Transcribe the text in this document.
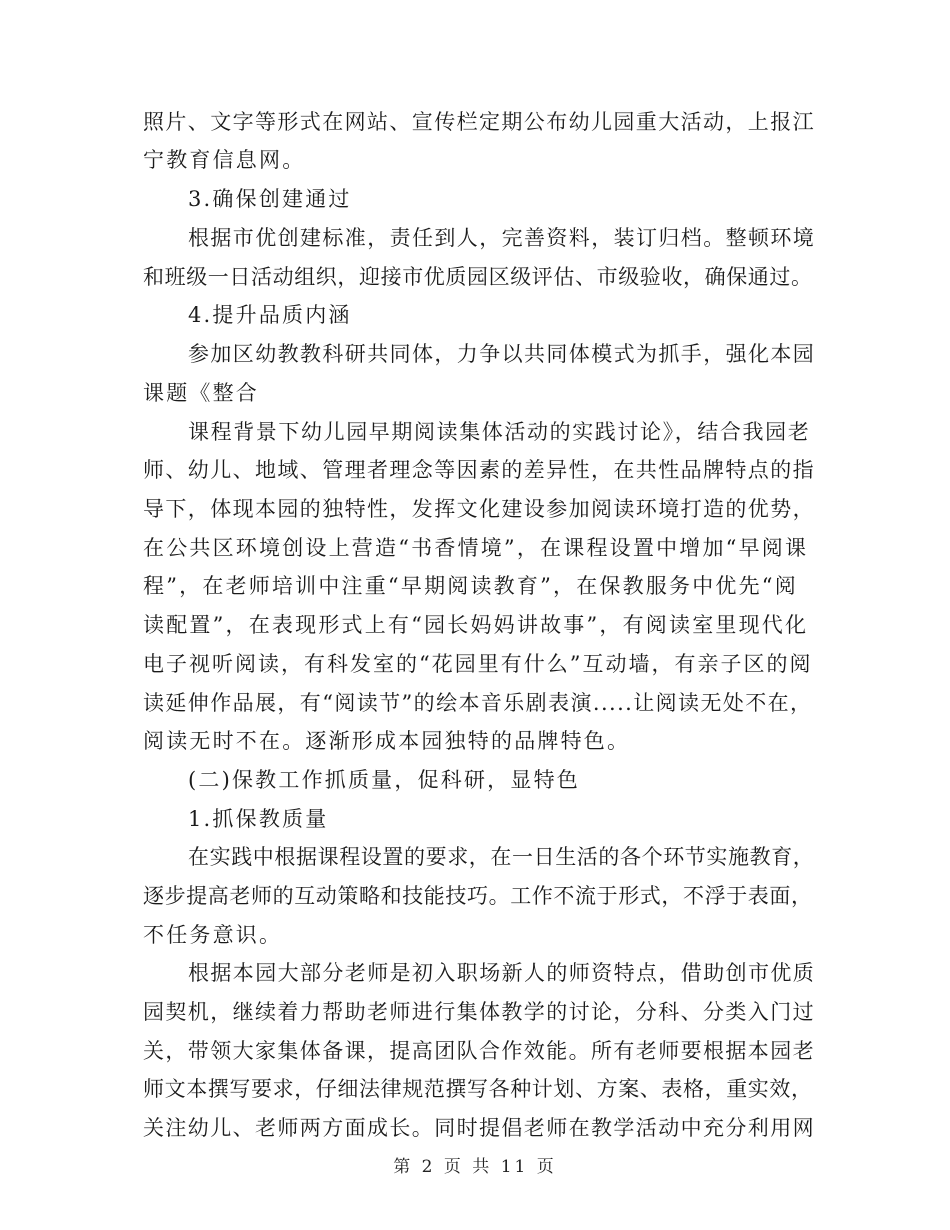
照片、文字等形式在网站、宣传栏定期公布幼儿园重大活动，上报江
宁教育信息网。
3.确保创建通过
根据市优创建标准，责任到人，完善资料，装订归档。整顿环境
和班级一日活动组织，迎接市优质园区级评估、市级验收，确保通过。
4.提升品质内涵
参加区幼教教科研共同体，力争以共同体模式为抓手，强化本园
课题《整合
课程背景下幼儿园早期阅读集体活动的实践讨论》，结合我园老
师、幼儿、地域、管理者理念等因素的差异性，在共性品牌特点的指
导下，体现本园的独特性，发挥文化建设参加阅读环境打造的优势，
在公共区环境创设上营造“书香情境”，在课程设置中增加“早阅课
程”，在老师培训中注重“早期阅读教育”，在保教服务中优先“阅
读配置”，在表现形式上有“园长妈妈讲故事”，有阅读室里现代化
电子视听阅读，有科发室的“花园里有什么”互动墙，有亲子区的阅
读延伸作品展，有“阅读节”的绘本音乐剧表演.....让阅读无处不在，
阅读无时不在。逐渐形成本园独特的品牌特色。
(二)保教工作抓质量，促科研，显特色
1.抓保教质量
在实践中根据课程设置的要求，在一日生活的各个环节实施教育，
逐步提高老师的互动策略和技能技巧。工作不流于形式，不浮于表面，
不任务意识。
根据本园大部分老师是初入职场新人的师资特点，借助创市优质
园契机，继续着力帮助老师进行集体教学的讨论，分科、分类入门过
关，带领大家集体备课，提高团队合作效能。所有老师要根据本园老
师文本撰写要求，仔细法律规范撰写各种计划、方案、表格，重实效，
关注幼儿、老师两方面成长。同时提倡老师在教学活动中充分利用网
第 2 页 共 11 页
